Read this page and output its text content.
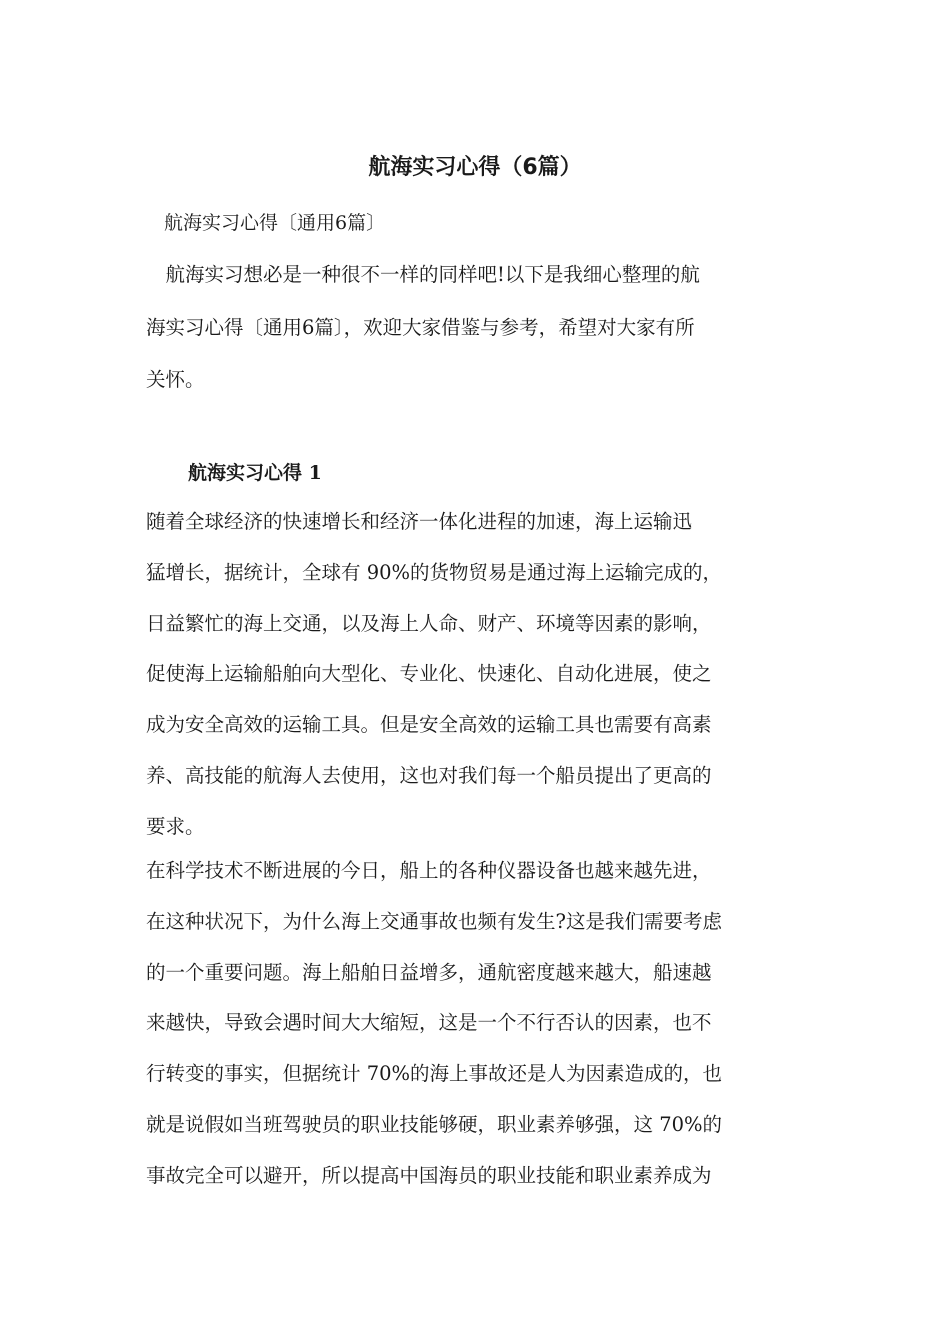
航海实习心得（6篇）

航海实习心得〔通用6篇〕

　航海实习想必是一种很不一样的同样吧!以下是我细心整理的航
海实习心得〔通用6篇〕，欢迎大家借鉴与参考，希望对大家有所
关怀。

航海实习心得 1

随着全球经济的快速增长和经济一体化进程的加速，海上运输迅
猛增长，据统计，全球有 90%的货物贸易是通过海上运输完成的，
日益繁忙的海上交通，以及海上人命、财产、环境等因素的影响，
促使海上运输船舶向大型化、专业化、快速化、自动化进展，使之
成为安全高效的运输工具。但是安全高效的运输工具也需要有高素
养、高技能的航海人去使用，这也对我们每一个船员提出了更高的
要求。

在科学技术不断进展的今日，船上的各种仪器设备也越来越先进，
在这种状况下，为什么海上交通事故也频有发生?这是我们需要考虑
的一个重要问题。海上船舶日益增多，通航密度越来越大，船速越
来越快，导致会遇时间大大缩短，这是一个不行否认的因素，也不
行转变的事实，但据统计 70%的海上事故还是人为因素造成的，也
就是说假如当班驾驶员的职业技能够硬，职业素养够强，这 70%的
事故完全可以避开，所以提高中国海员的职业技能和职业素养成为
